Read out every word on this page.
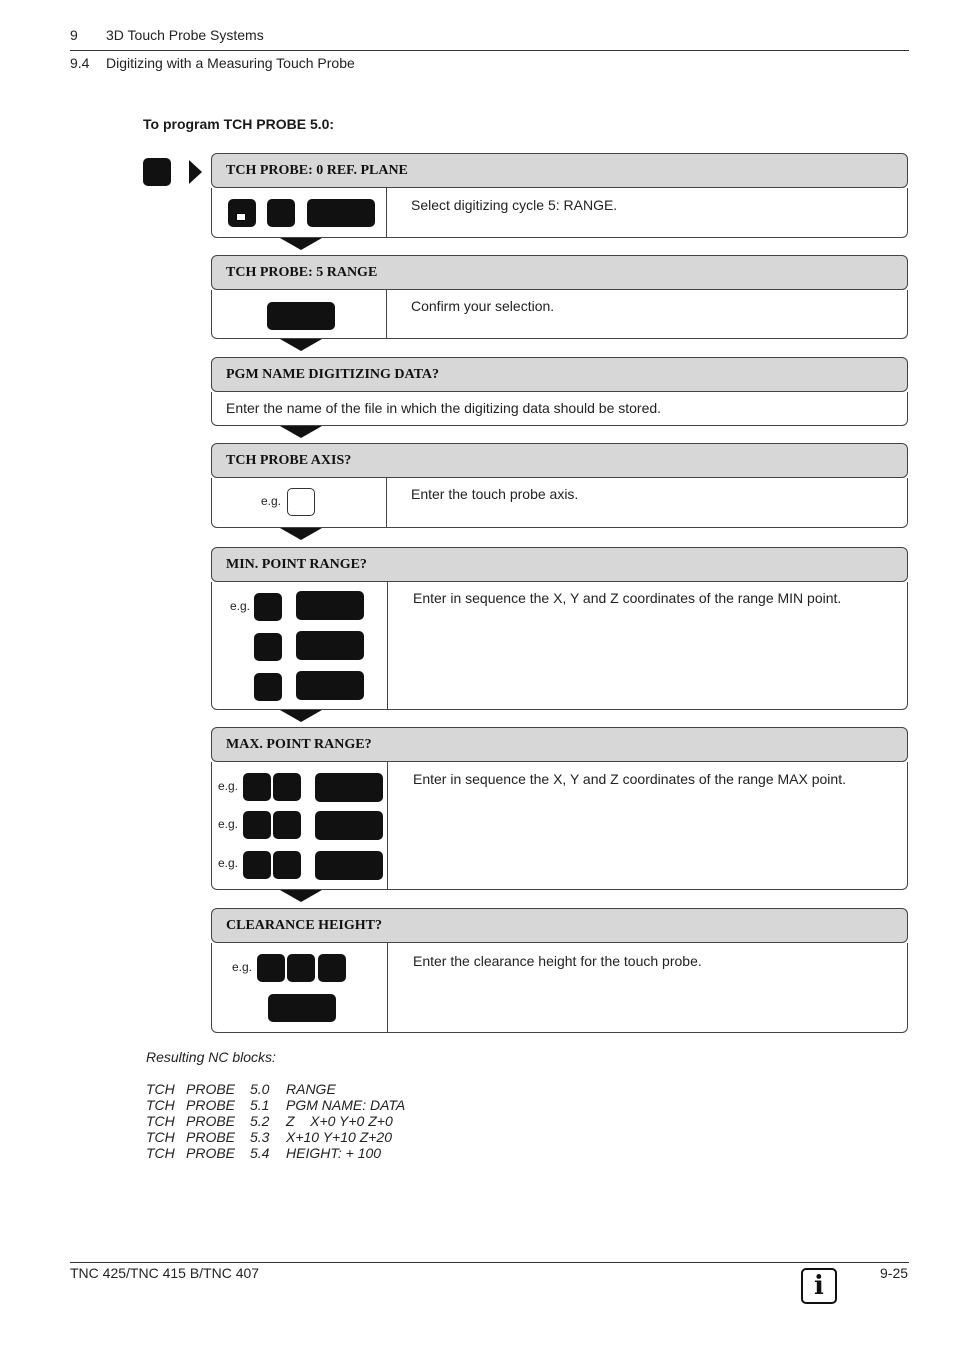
9 3D Touch Probe Systems
9.4 Digitizing with a Measuring Touch Probe
To program TCH PROBE 5.0:
TCH PROBE: 0 REF. PLANE
Select digitizing cycle 5: RANGE.
TCH PROBE: 5 RANGE
Confirm your selection.
PGM NAME DIGITIZING DATA?
Enter the name of the file in which the digitizing data should be stored.
TCH PROBE AXIS?
e.g.	Enter the touch probe axis.
MIN. POINT RANGE?
e.g.	Enter in sequence the X, Y and Z coordinates of the range MIN point.
MAX. POINT RANGE?
e.g.
e.g.
e.g.
Enter in sequence the X, Y and Z coordinates of the range MAX point.
CLEARANCE HEIGHT?
e.g.	Enter the clearance height for the touch probe.
Resulting NC blocks:
TCH PROBE 5.0 RANGE
TCH PROBE 5.1 PGM NAME: DATA
TCH PROBE 5.2 Z    X+0 Y+0 Z+0
TCH PROBE 5.3 X+10 Y+10 Z+20
TCH PROBE 5.4 HEIGHT: + 100
TNC 425/TNC 415 B/TNC 407	i	9-25
